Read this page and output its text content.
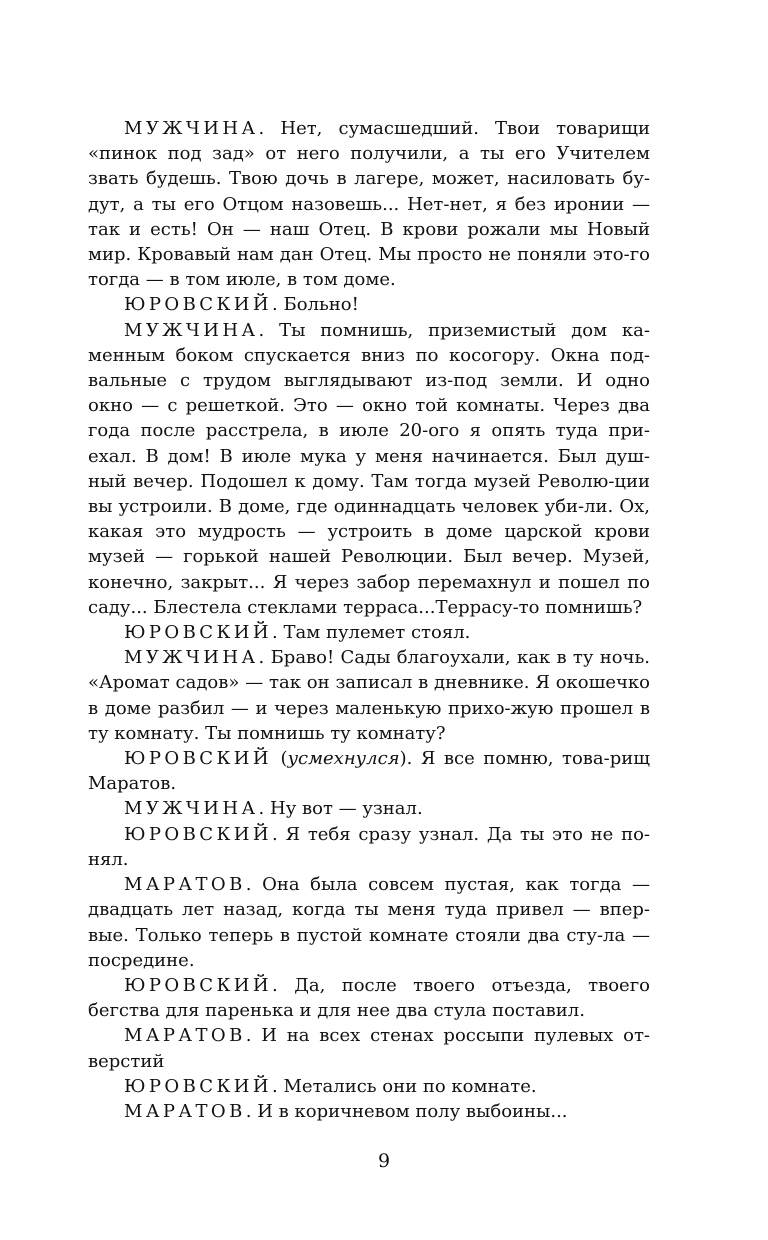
МУЖЧИНА. Нет, сумасшедший. Твои товарищи «пинок под зад» от него получили, а ты его Учителем звать будешь. Твою дочь в лагере, может, насиловать бу-дут, а ты его Отцом назовешь... Нет-нет, я без иронии — так и есть! Он — наш Отец. В крови рожали мы Новый мир. Кровавый нам дан Отец. Мы просто не поняли это-го тогда — в том июле, в том доме.

ЮРОВСКИЙ. Больно!

МУЖЧИНА. Ты помнишь, приземистый дом ка-менным боком спускается вниз по косогору. Окна под-вальные с трудом выглядывают из-под земли. И одно окно — с решеткой. Это — окно той комнаты. Через два года после расстрела, в июле 20-ого я опять туда при-ехал. В дом! В июле мука у меня начинается. Был душ-ный вечер. Подошел к дому. Там тогда музей Револю-ции вы устроили. В доме, где одиннадцать человек уби-ли. Ох, какая это мудрость — устроить в доме царской крови музей — горькой нашей Революции. Был вечер. Музей, конечно, закрыт... Я через забор перемахнул и пошел по саду... Блестела стеклами терраса...Террасу-то помнишь?

ЮРОВСКИЙ. Там пулемет стоял.

МУЖЧИНА. Браво! Сады благоухали, как в ту ночь. «Аромат садов» — так он записал в дневнике. Я окошечко в доме разбил — и через маленькую прихо-жую прошел в ту комнату. Ты помнишь ту комнату?

ЮРОВСКИЙ (усмехнулся). Я все помню, това-рищ Маратов.

МУЖЧИНА. Ну вот — узнал.

ЮРОВСКИЙ. Я тебя сразу узнал. Да ты это не по-нял.

МАРАТОВ. Она была совсем пустая, как тогда — двадцать лет назад, когда ты меня туда привел — впер-вые. Только теперь в пустой комнате стояли два сту-ла — посредине.

ЮРОВСКИЙ. Да, после твоего отъезда, твоего бегства для паренька и для нее два стула поставил.

МАРАТОВ. И на всех стенах россыпи пулевых от-верстий

ЮРОВСКИЙ. Метались они по комнате.

МАРАТОВ. И в коричневом полу выбоины...

9
